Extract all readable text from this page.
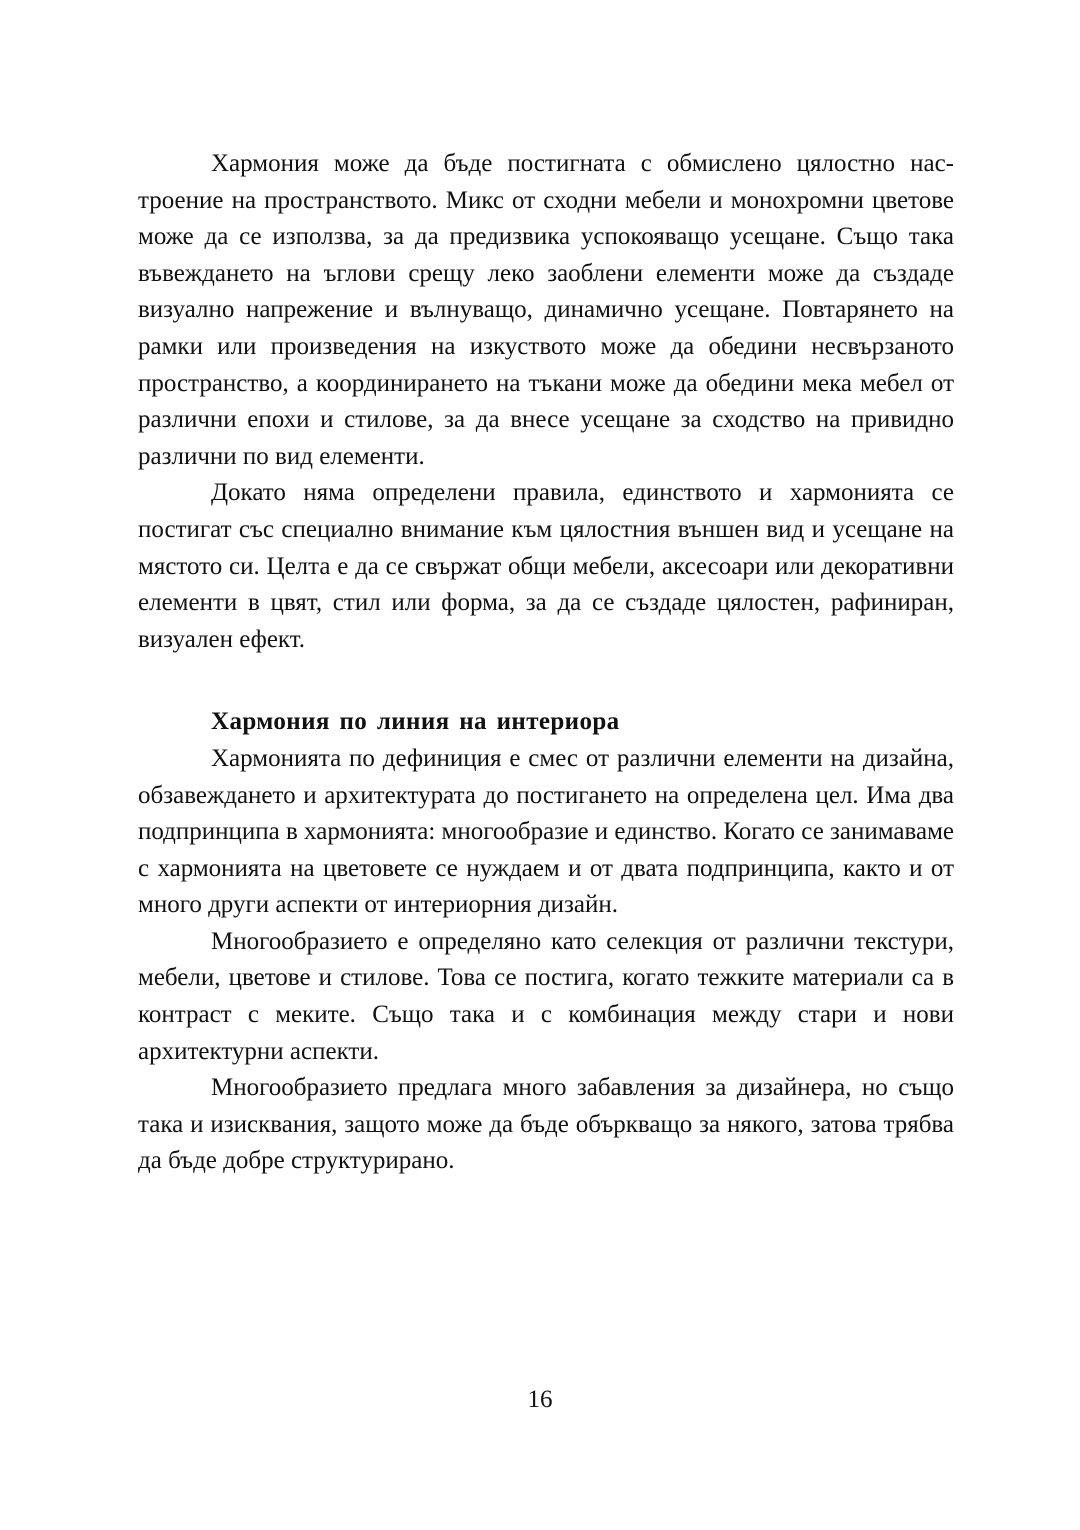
Хармония може да бъде постигната с обмислено цялостно настроение на пространството. Микс от сходни мебели и монохромни цветове може да се използва, за да предизвика успокояващо усещане. Също така въвеждането на ъглови срещу леко заоблени елементи може да създаде визуално напрежение и вълнуващо, динамично усещане. Повтарянето на рамки или произведения на изкуството може да обедини несвързаното пространство, а координирането на тъкани може да обедини мека мебел от различни епохи и стилове, за да внесе усещане за сходство на привидно различни по вид елементи.

Докато няма определени правила, единството и хармонията се постигат със специално внимание към цялостния външен вид и усещане на мястото си. Целта е да се свържат общи мебели, аксесоари или декоративни елементи в цвят, стил или форма, за да се създаде цялостен, рафиниран, визуален ефект.

Хармония по линия на интериора

Хармонията по дефиниция е смес от различни елементи на дизайна, обзавеждането и архитектурата до постигането на определена цел. Има два подпринципа в хармонията: многообразие и единство. Когато се занимаваме с хармонията на цветовете се нуждаем и от двата подпринципа, както и от много други аспекти от интериорния дизайн.

Многообразието е определяно като селекция от различни текстури, мебели, цветове и стилове. Това се постига, когато тежките материали са в контраст с меките. Също така и с комбинация между стари и нови архитектурни аспекти.

Многообразието предлага много забавления за дизайнера, но също така и изисквания, защото може да бъде объркващо за някого, затова трябва да бъде добре структурирано.

16
